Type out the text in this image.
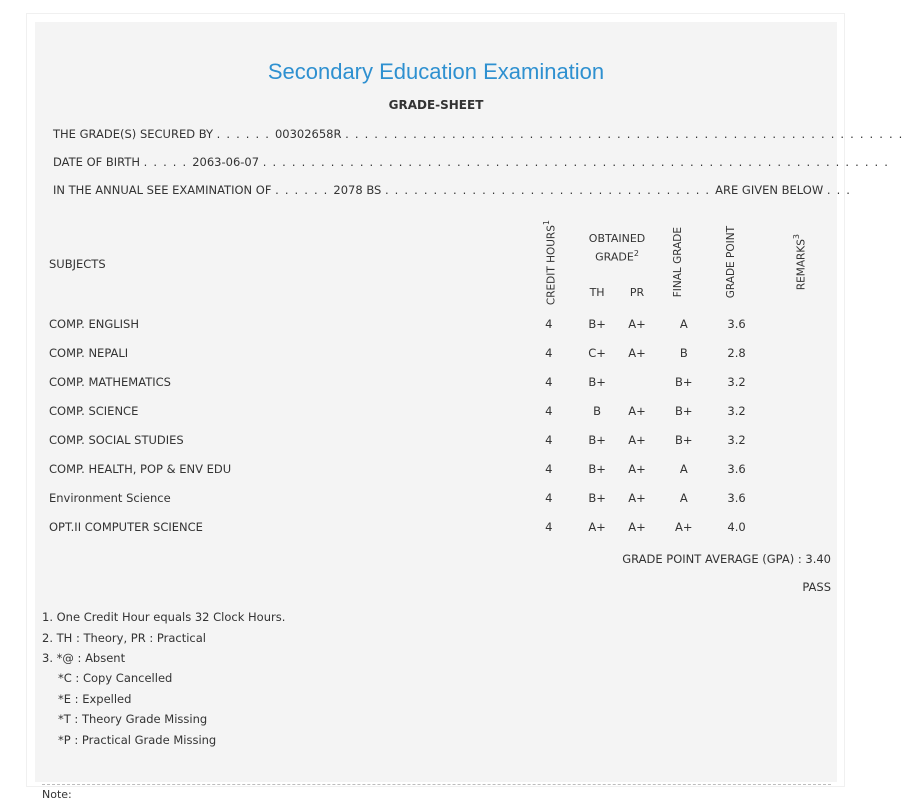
Secondary Education Examination
GRADE-SHEET
THE GRADE(S) SECURED BY . . . . . . 00302658R . . . . . . . . . . . . . . . . . . . . . . . . . . . . . . . . . . . . . . . . . . . . . . . . . . . . . . . . . .
DATE OF BIRTH . . . . . 2063-06-07 . . . . . . . . . . . . . . . . . . . . . . . . . . . . . . . . . . . . . . . . . . . . . . . . . . . . . . . . . . . . . . . . .
IN THE ANNUAL SEE EXAMINATION OF . . . . . . 2078 BS . . . . . . . . . . . . . . . . . . . . . . . . . . . . . . . . . . ARE GIVEN BELOW . . .
SUBJECTS	CREDIT HOURS$^1$	OBTAINED GRADE$^2$		FINAL GRADE	GRADE POINT	REMARKS$^3$
		TH	PR			
COMP. ENGLISH	4	B+	A+	A	3.6	
COMP. NEPALI	4	C+	A+	B	2.8	
COMP. MATHEMATICS	4	B+		B+	3.2	
COMP. SCIENCE	4	B	A+	B+	3.2	
COMP. SOCIAL STUDIES	4	B+	A+	B+	3.2	
COMP. HEALTH, POP & ENV EDU	4	B+	A+	A	3.6	
Environment Science	4	B+	A+	A	3.6	
OPT.II COMPUTER SCIENCE	4	A+	A+	A+	4.0	
GRADE POINT AVERAGE (GPA) : 3.40
PASS
1. One Credit Hour equals 32 Clock Hours.
2. TH : Theory, PR : Practical
3. *@ : Absent
*C : Copy Cancelled
*E : Expelled
*T : Theory Grade Missing
*P : Practical Grade Missing
Note:
